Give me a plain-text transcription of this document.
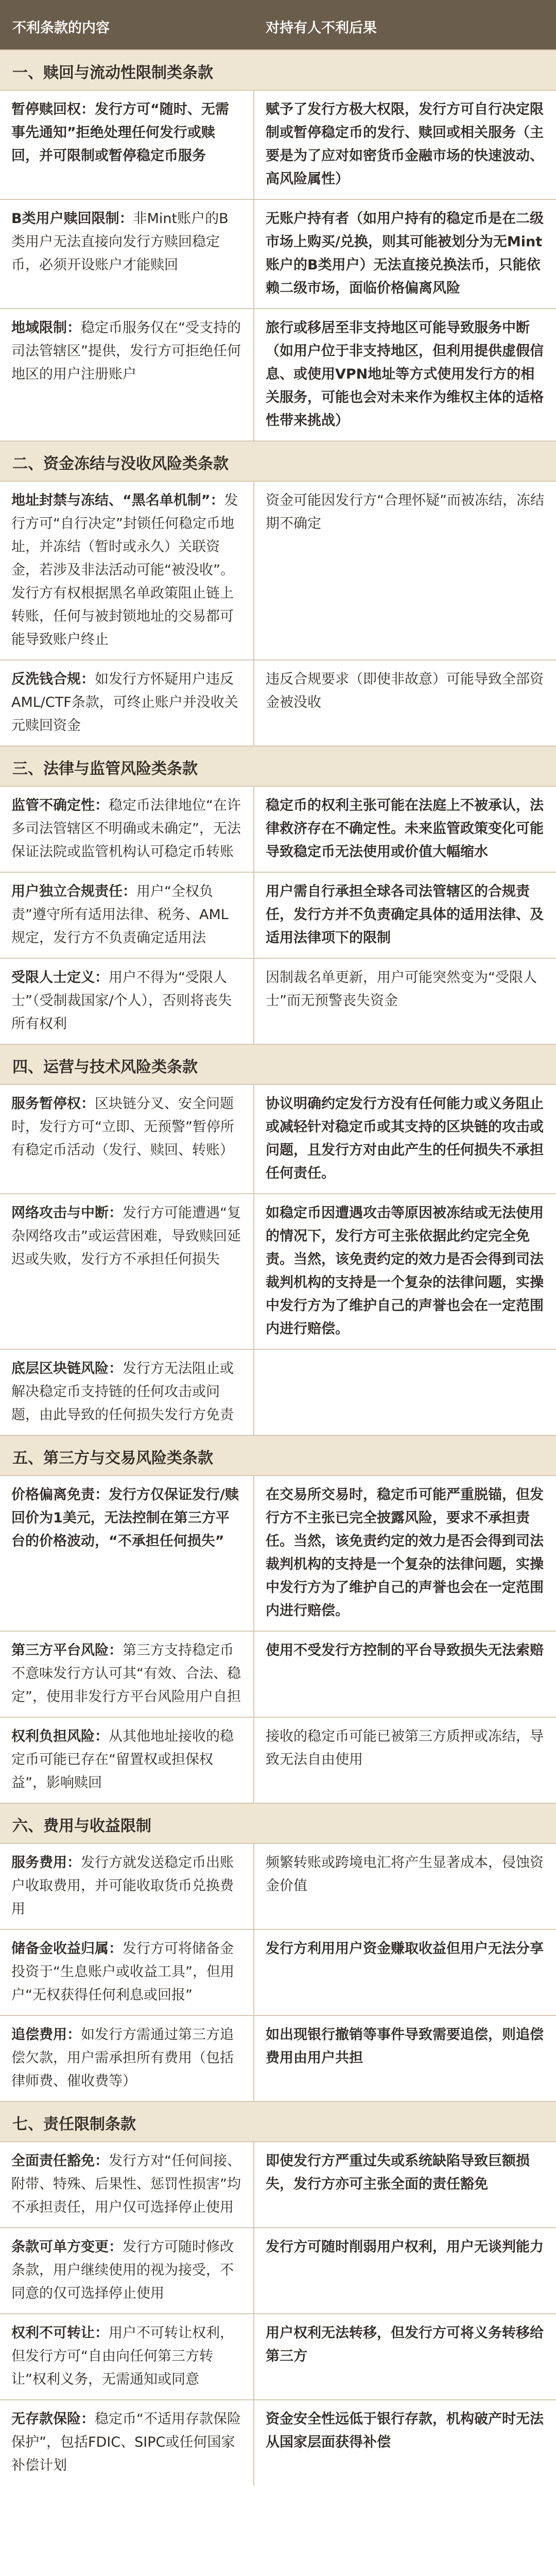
不利条款的内容	对持有人不利后果
一、赎回与流动性限制类条款
暂停赎回权：发行方可“随时、无需事先通知”拒绝处理任何发行或赎回，并可限制或暂停稳定币服务
赋予了发行方极大权限，发行方可自行决定限制或暂停稳定币的发行、赎回或相关服务（主要是为了应对如密货币金融市场的快速波动、高风险属性）
B类用户赎回限制：非Mint账户的B类用户无法直接向发行方赎回稳定币，必须开设账户才能赎回
无账户持有者（如用户持有的稳定币是在二级市场上购买/兑换，则其可能被划分为无Mint账户的B类用户）无法直接兑换法币，只能依赖二级市场，面临价格偏离风险
地域限制：稳定币服务仅在“受支持的司法管辖区”提供，发行方可拒绝任何地区的用户注册账户
旅行或移居至非支持地区可能导致服务中断（如用户位于非支持地区，但利用提供虚假信息、或使用VPN地址等方式使用发行方的相关服务，可能也会对未来作为维权主体的适格性带来挑战）
二、资金冻结与没收风险类条款
地址封禁与冻结、“黑名单机制”：发行方可“自行决定”封锁任何稳定币地址，并冻结（暂时或永久）关联资金，若涉及非法活动可能“被没收”。发行方有权根据黑名单政策阻止链上转账，任何与被封锁地址的交易都可能导致账户终止
资金可能因发行方“合理怀疑”而被冻结，冻结期不确定
反洗钱合规：如发行方怀疑用户违反AML/CTF条款，可终止账户并没收关元赎回资金
违反合规要求（即使非故意）可能导致全部资金被没收
三、法律与监管风险类条款
监管不确定性：稳定币法律地位“在许多司法管辖区不明确或未确定”，无法保证法院或监管机构认可稳定币转账
稳定币的权利主张可能在法庭上不被承认，法律救济存在不确定性。未来监管政策变化可能导致稳定币无法使用或价值大幅缩水
用户独立合规责任：用户“全权负责”遵守所有适用法律、税务、AML规定，发行方不负责确定适用法
用户需自行承担全球各司法管辖区的合规责任，发行方并不负责确定具体的适用法律、及适用法律项下的限制
受限人士定义：用户不得为“受限人士”（受制裁国家/个人），否则将丧失所有权利
因制裁名单更新，用户可能突然变为“受限人士”而无预警丧失资金
四、运营与技术风险类条款
服务暂停权：区块链分叉、安全问题时，发行方可“立即、无预警”暂停所有稳定币活动（发行、赎回、转账）
协议明确约定发行方没有任何能力或义务阻止或减轻针对稳定币或其支持的区块链的攻击或问题，且发行方对由此产生的任何损失不承担任何责任。
网络攻击与中断：发行方可能遭遇“复杂网络攻击”或运营困难，导致赎回延迟或失败，发行方不承担任何损失
如稳定币因遭遇攻击等原因被冻结或无法使用的情况下，发行方可主张依据此约定完全免责。当然，该免责约定的效力是否会得到司法裁判机构的支持是一个复杂的法律问题，实操中发行方为了维护自己的声誉也会在一定范围内进行赔偿。
底层区块链风险：发行方无法阻止或解决稳定币支持链的任何攻击或问题，由此导致的任何损失发行方免责
五、第三方与交易风险类条款
价格偏离免责：发行方仅保证发行/赎回价为1美元，无法控制在第三方平台的价格波动，“不承担任何损失”
在交易所交易时，稳定币可能严重脱锚，但发行方不主张已完全披露风险，要求不承担责任。当然，该免责约定的效力是否会得到司法裁判机构的支持是一个复杂的法律问题，实操中发行方为了维护自己的声誉也会在一定范围内进行赔偿。
第三方平台风险：第三方支持稳定币不意味发行方认可其“有效、合法、稳定”，使用非发行方平台风险用户自担
使用不受发行方控制的平台导致损失无法索赔
权利负担风险：从其他地址接收的稳定币可能已存在“留置权或担保权益”，影响赎回
接收的稳定币可能已被第三方质押或冻结，导致无法自由使用
六、费用与收益限制
服务费用：发行方就发送稳定币出账户收取费用，并可能收取货币兑换费用
频繁转账或跨境电汇将产生显著成本，侵蚀资金价值
储备金收益归属：发行方可将储备金投资于“生息账户或收益工具”，但用户“无权获得任何利息或回报”
发行方利用用户资金赚取收益但用户无法分享
追偿费用：如发行方需通过第三方追偿欠款，用户需承担所有费用（包括律师费、催收费等）
如出现银行撤销等事件导致需要追偿，则追偿费用由用户共担
七、责任限制条款
全面责任豁免：发行方对“任何间接、附带、特殊、后果性、惩罚性损害”均不承担责任，用户仅可选择停止使用
即使发行方严重过失或系统缺陷导致巨额损失，发行方亦可主张全面的责任豁免
条款可单方变更：发行方可随时修改条款，用户继续使用的视为接受，不同意的仅可选择停止使用
发行方可随时削弱用户权利，用户无谈判能力
权利不可转让：用户不可转让权利，但发行方可“自由向任何第三方转让”权利义务，无需通知或同意
用户权利无法转移，但发行方可将义务转移给第三方
无存款保险：稳定币“不适用存款保险保护”，包括FDIC、SIPC或任何国家补偿计划
资金安全性远低于银行存款，机构破产时无法从国家层面获得补偿
